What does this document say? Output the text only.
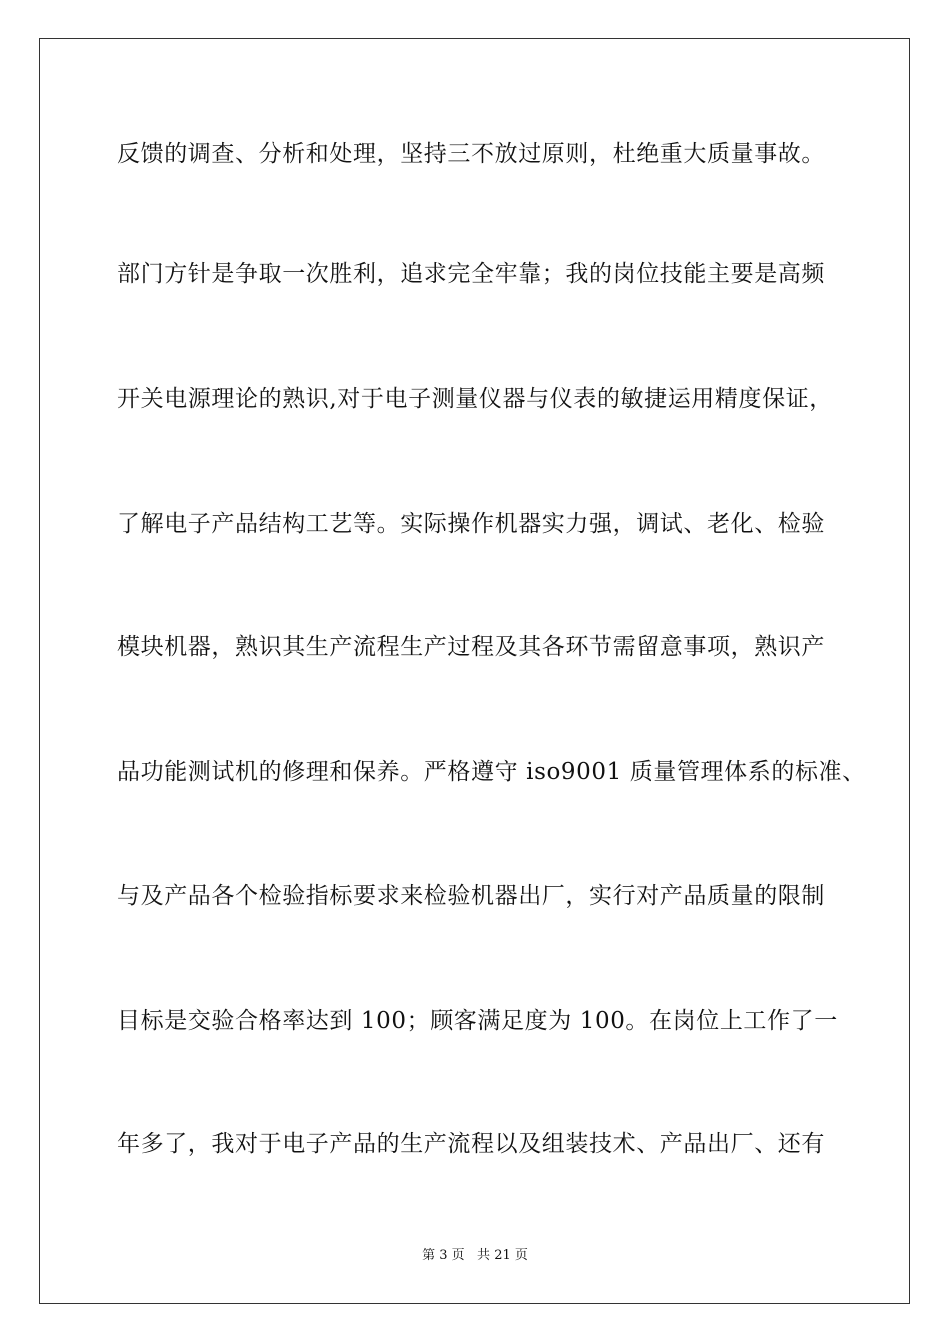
反馈的调查、分析和处理，坚持三不放过原则，杜绝重大质量事故。
部门方针是争取一次胜利，追求完全牢靠；我的岗位技能主要是高频
开关电源理论的熟识,对于电子测量仪器与仪表的敏捷运用精度保证，
了解电子产品结构工艺等。实际操作机器实力强，调试、老化、检验
模块机器，熟识其生产流程生产过程及其各环节需留意事项，熟识产
品功能测试机的修理和保养。严格遵守 iso9001 质量管理体系的标准、
与及产品各个检验指标要求来检验机器出厂，实行对产品质量的限制
目标是交验合格率达到 100；顾客满足度为 100。在岗位上工作了一
年多了，我对于电子产品的生产流程以及组装技术、产品出厂、还有
第 3 页   共 21 页
